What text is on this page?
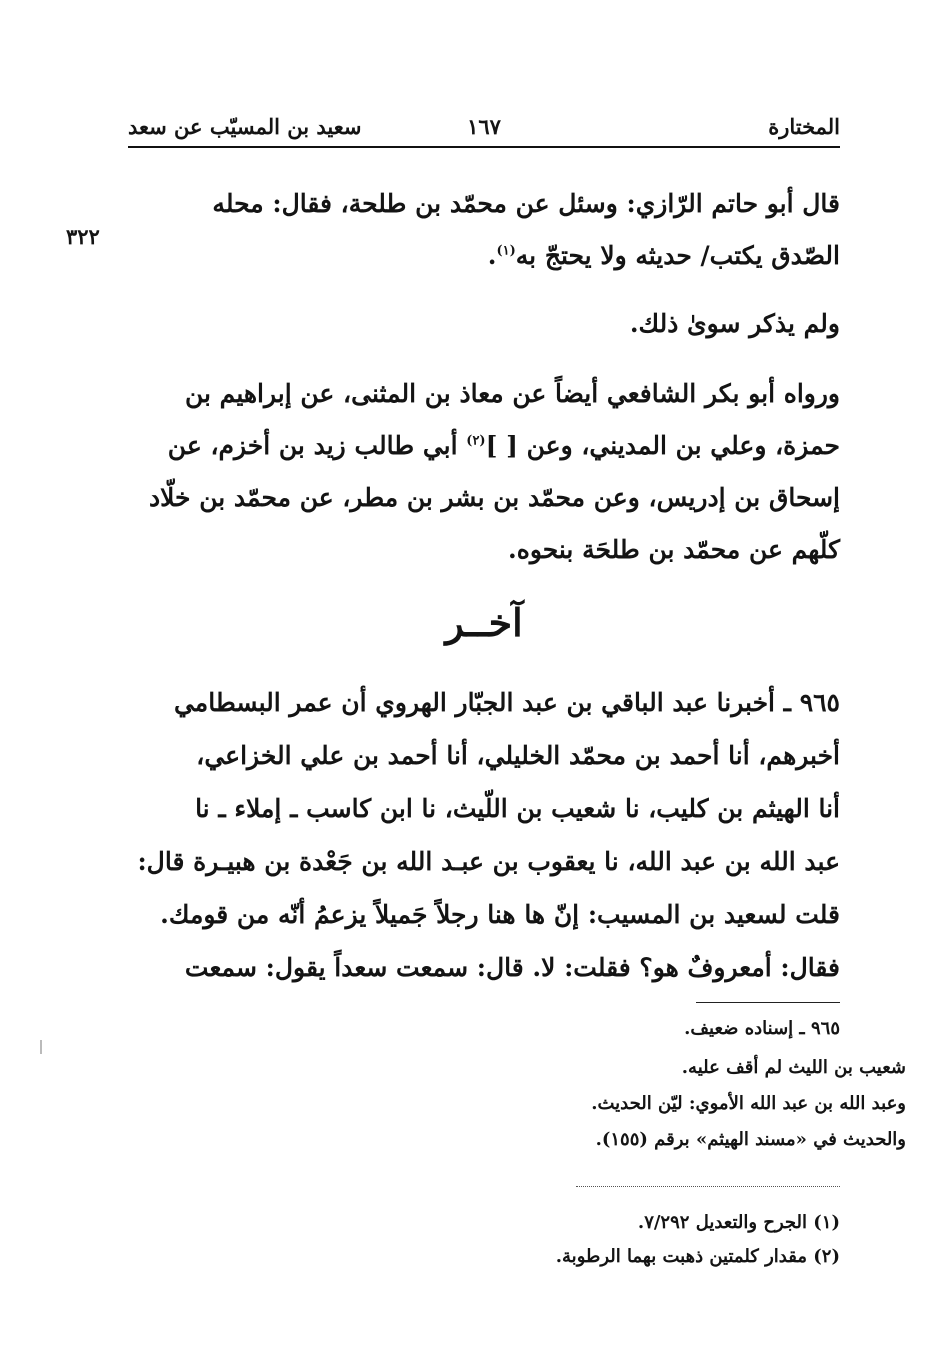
المختارة
١٦٧
سعيد بن المسيّب عن سعد
٣٢٢
قال أبو حاتم الرّازي: وسئل عن محمّد بن طلحة، فقال: محله
الصّدق يكتب/ حديثه ولا يحتجّ به$^{(١)}$.
ولم يذكر سوىٰ ذلك.
ورواه أبو بكر الشافعي أيضاً عن معاذ بن المثنى، عن إبراهيم بن
حمزة، وعلي بن المديني، وعن [ ]$^{(٢)}$ أبي طالب زيد بن أخزم، عن
إسحاق بن إدريس، وعن محمّد بن بشر بن مطر، عن محمّد بن خلّاد
كلّهم عن محمّد بن طلحَة بنحوه.
آخــر
٩٦٥ ـ أخبرنا عبد الباقي بن عبد الجبّار الهروي أن عمر البسطامي
أخبرهم، أنا أحمد بن محمّد الخليلي، أنا أحمد بن علي الخزاعي،
أنا الهيثم بن كليب، نا شعيب بن اللّيث، نا ابن كاسب ـ إملاء ـ نا
عبد الله بن عبد الله، نا يعقوب بن عبـد الله بن جَعْدة بن هبيـرة قال:
قلت لسعيد بن المسيب: إنّ ها هنا رجلاً جَميلاً يزعمُ أنّه من قومك.
فقال: أمعروفٌ هو؟ فقلت: لا. قال: سمعت سعداً يقول: سمعت
٩٦٥ ـ إسناده ضعيف.
شعيب بن الليث لم أقف عليه.
وعبد الله بن عبد الله الأموي: ليّن الحديث.
والحديث في «مسند الهيثم» برقم (١٥٥).
(١) الجرح والتعديل ٧/٢٩٢.
(٢) مقدار كلمتين ذهبت بهما الرطوبة.
